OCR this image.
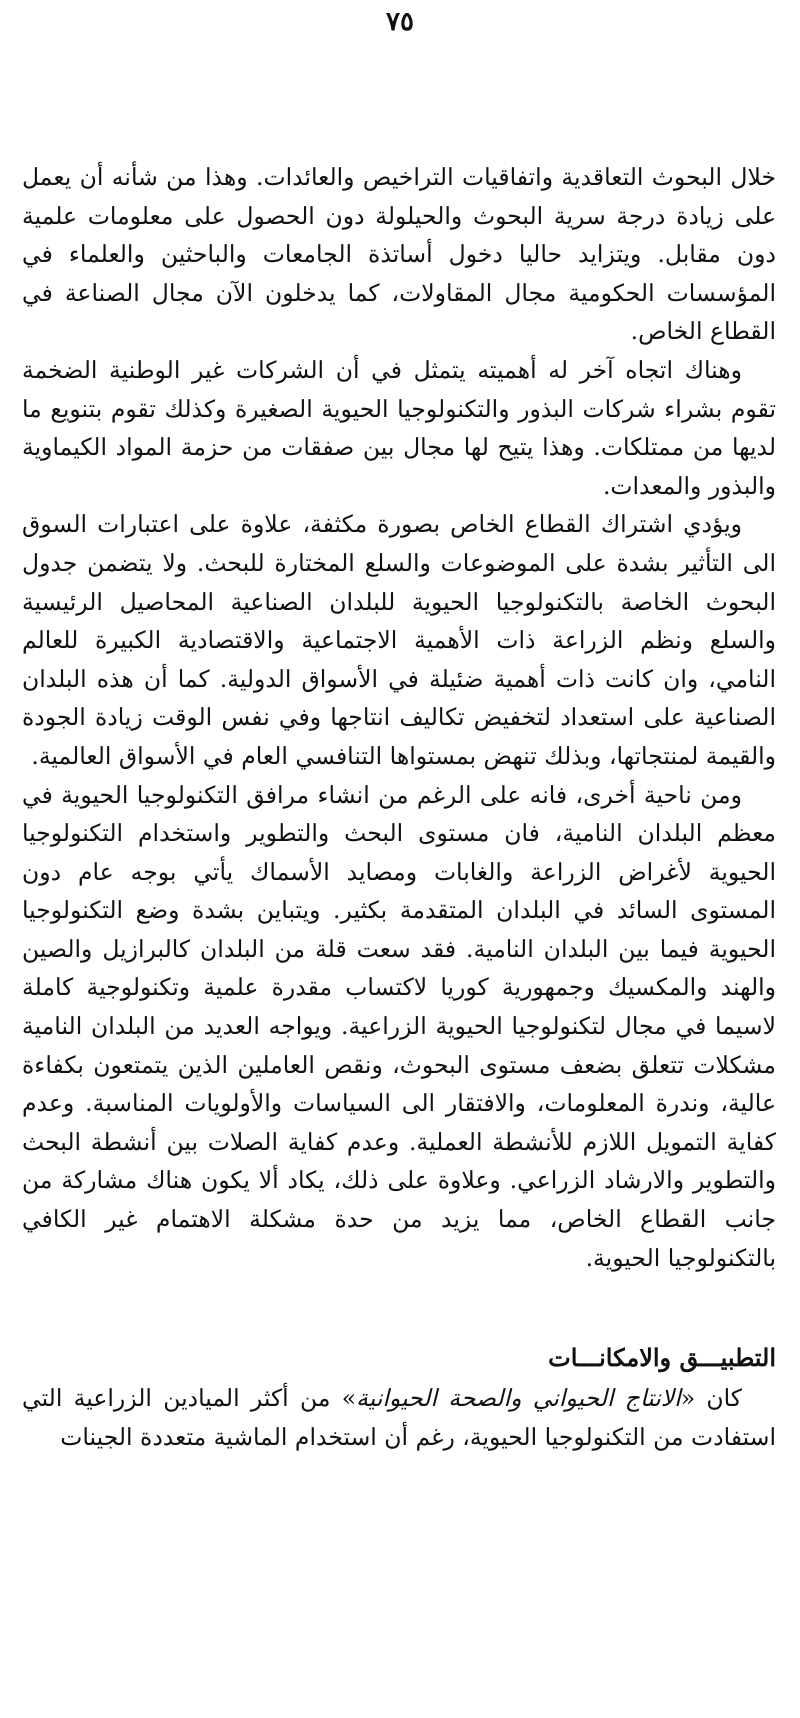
٧٥

خلال البحوث التعاقدية واتفاقيات التراخيص والعائدات. وهذا من شأنه أن يعمل على زيادة درجة سرية البحوث والحيلولة دون الحصول على معلومات علمية دون مقابل. ويتزايد حاليا دخول أساتذة الجامعات والباحثين والعلماء في المؤسسات الحكومية مجال المقاولات، كما يدخلون الآن مجال الصناعة في القطاع الخاص.

وهناك اتجاه آخر له أهميته يتمثل في أن الشركات غير الوطنية الضخمة تقوم بشراء شركات البذور والتكنولوجيا الحيوية الصغيرة وكذلك تقوم بتنويع ما لديها من ممتلكات. وهذا يتيح لها مجال بين صفقات من حزمة المواد الكيماوية والبذور والمعدات.

ويؤدي اشتراك القطاع الخاص بصورة مكثفة، علاوة على اعتبارات السوق الى التأثير بشدة على الموضوعات والسلع المختارة للبحث. ولا يتضمن جدول البحوث الخاصة بالتكنولوجيا الحيوية للبلدان الصناعية المحاصيل الرئيسية والسلع ونظم الزراعة ذات الأهمية الاجتماعية والاقتصادية الكبيرة للعالم النامي، وان كانت ذات أهمية ضئيلة في الأسواق الدولية. كما أن هذه البلدان الصناعية على استعداد لتخفيض تكاليف انتاجها وفي نفس الوقت زيادة الجودة والقيمة لمنتجاتها، وبذلك تنهض بمستواها التنافسي العام في الأسواق العالمية.

ومن ناحية أخرى، فانه على الرغم من انشاء مرافق التكنولوجيا الحيوية في معظم البلدان النامية، فان مستوى البحث والتطوير واستخدام التكنولوجيا الحيوية لأغراض الزراعة والغابات ومصايد الأسماك يأتي بوجه عام دون المستوى السائد في البلدان المتقدمة بكثير. ويتباين بشدة وضع التكنولوجيا الحيوية فيما بين البلدان النامية. فقد سعت قلة من البلدان كالبرازيل والصين والهند والمكسيك وجمهورية كوريا لاكتساب مقدرة علمية وتكنولوجية كاملة لاسيما في مجال لتكنولوجيا الحيوية الزراعية. ويواجه العديد من البلدان النامية مشكلات تتعلق بضعف مستوى البحوث، ونقص العاملين الذين يتمتعون بكفاءة عالية، وندرة المعلومات، والافتقار الى السياسات والأولويات المناسبة. وعدم كفاية التمويل اللازم للأنشطة العملية. وعدم كفاية الصلات بين أنشطة البحث والتطوير والارشاد الزراعي. وعلاوة على ذلك، يكاد ألا يكون هناك مشاركة من جانب القطاع الخاص، مما يزيد من حدة مشكلة الاهتمام غير الكافي بالتكنولوجيا الحيوية.

التطبيـــق والامكانـــات

كان «الانتاج الحيواني والصحة الحيوانية» من أكثر الميادين الزراعية التي استفادت من التكنولوجيا الحيوية، رغم أن استخدام الماشية متعددة الجينات
